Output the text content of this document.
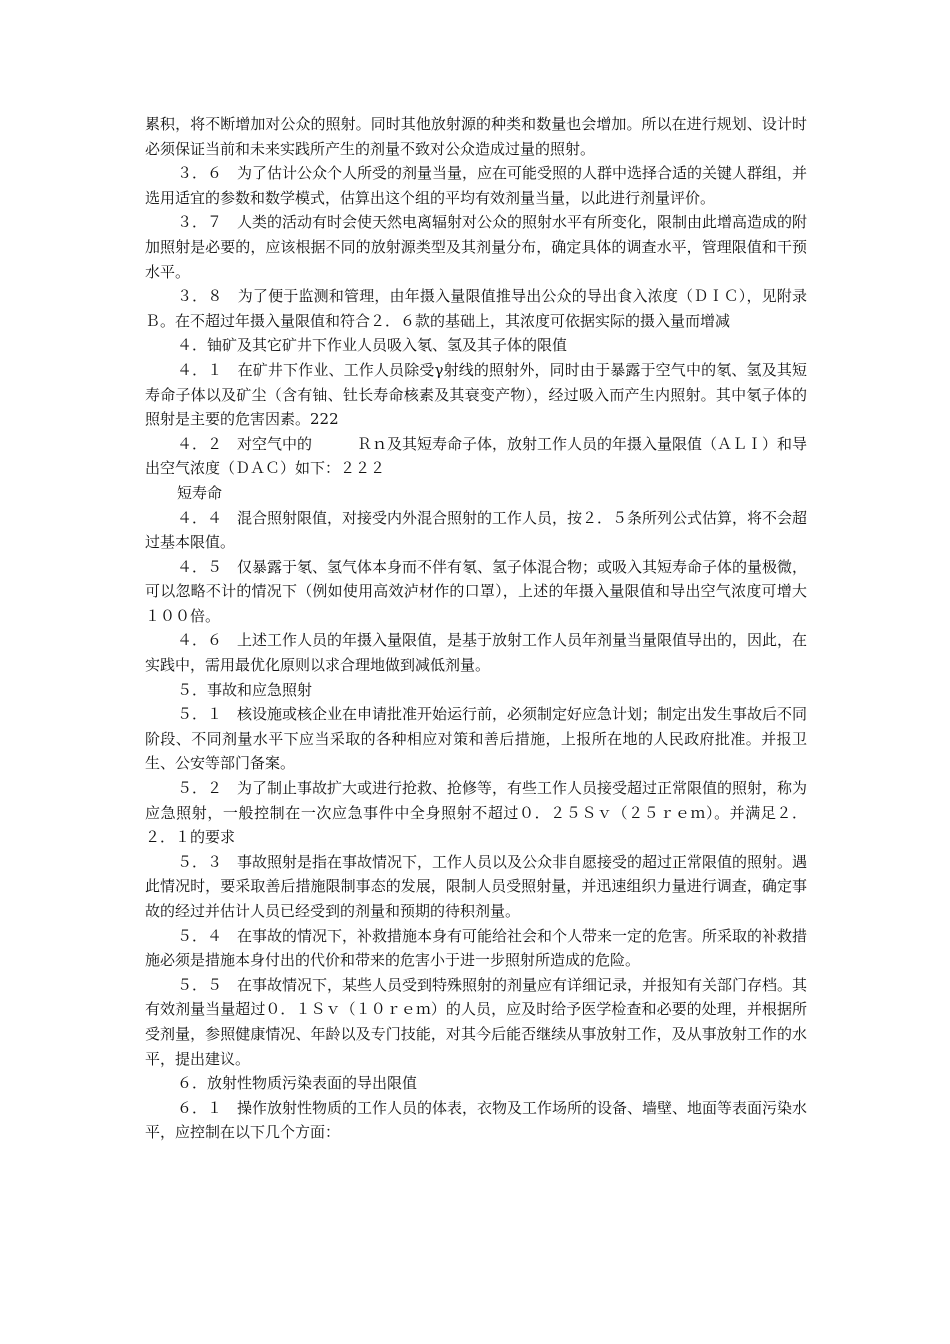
累积，将不断增加对公众的照射。同时其他放射源的种类和数量也会增加。所以在进行规划、设计时必须保证当前和未来实践所产生的剂量不致对公众造成过量的照射。

３．６　为了估计公众个人所受的剂量当量，应在可能受照的人群中选择合适的关键人群组，并选用适宜的参数和数学模式，估算出这个组的平均有效剂量当量，以此进行剂量评价。

３．７　人类的活动有时会使天然电离辐射对公众的照射水平有所变化，限制由此增高造成的附加照射是必要的，应该根据不同的放射源类型及其剂量分布，确定具体的调查水平，管理限值和干预水平。

３．８　为了便于监测和管理，由年摄入量限值推导出公众的导出食入浓度（ＤＩＣ），见附录Ｂ。在不超过年摄入量限值和符合２．６款的基础上，其浓度可依据实际的摄入量而增减

４．铀矿及其它矿井下作业人员吸入氡、氢及其子体的限值

４．１　在矿井下作业、工作人员除受γ射线的照射外，同时由于暴露于空气中的氡、氢及其短寿命子体以及矿尘（含有铀、钍长寿命核素及其衰变产物），经过吸入而产生内照射。其中氡子体的照射是主要的危害因素。222

４．２　对空气中的　　　Ｒｎ及其短寿命子体，放射工作人员的年摄入量限值（ＡＬＩ）和导出空气浓度（ＤＡＣ）如下：２２２

短寿命

４．４　混合照射限值，对接受内外混合照射的工作人员，按２．５条所列公式估算，将不会超过基本限值。

４．５　仅暴露于氡、氢气体本身而不伴有氡、氢子体混合物；或吸入其短寿命子体的量极微，可以忽略不计的情况下（例如使用高效泸材作的口罩），上述的年摄入量限值和导出空气浓度可增大１００倍。

４．６　上述工作人员的年摄入量限值，是基于放射工作人员年剂量当量限值导出的，因此，在实践中，需用最优化原则以求合理地做到减低剂量。

５．事故和应急照射

５．１　核设施或核企业在申请批准开始运行前，必须制定好应急计划；制定出发生事故后不同阶段、不同剂量水平下应当采取的各种相应对策和善后措施，上报所在地的人民政府批准。并报卫生、公安等部门备案。

５．２　为了制止事故扩大或进行抢救、抢修等，有些工作人员接受超过正常限值的照射，称为应急照射，一般控制在一次应急事件中全身照射不超过０．２５Ｓｖ（２５ｒｅｍ）。并满足２．２．１的要求

５．３　事故照射是指在事故情况下，工作人员以及公众非自愿接受的超过正常限值的照射。遇此情况时，要采取善后措施限制事态的发展，限制人员受照射量，并迅速组织力量进行调查，确定事故的经过并估计人员已经受到的剂量和预期的待积剂量。

５．４　在事故的情况下，补救措施本身有可能给社会和个人带来一定的危害。所采取的补救措施必须是措施本身付出的代价和带来的危害小于进一步照射所造成的危险。

５．５　在事故情况下，某些人员受到特殊照射的剂量应有详细记录，并报知有关部门存档。其有效剂量当量超过０．１Ｓｖ（１０ｒｅｍ）的人员，应及时给予医学检查和必要的处理，并根据所受剂量，参照健康情况、年龄以及专门技能，对其今后能否继续从事放射工作，及从事放射工作的水平，提出建议。

６．放射性物质污染表面的导出限值

６．１　操作放射性物质的工作人员的体表，衣物及工作场所的设备、墙壁、地面等表面污染水平，应控制在以下几个方面：
